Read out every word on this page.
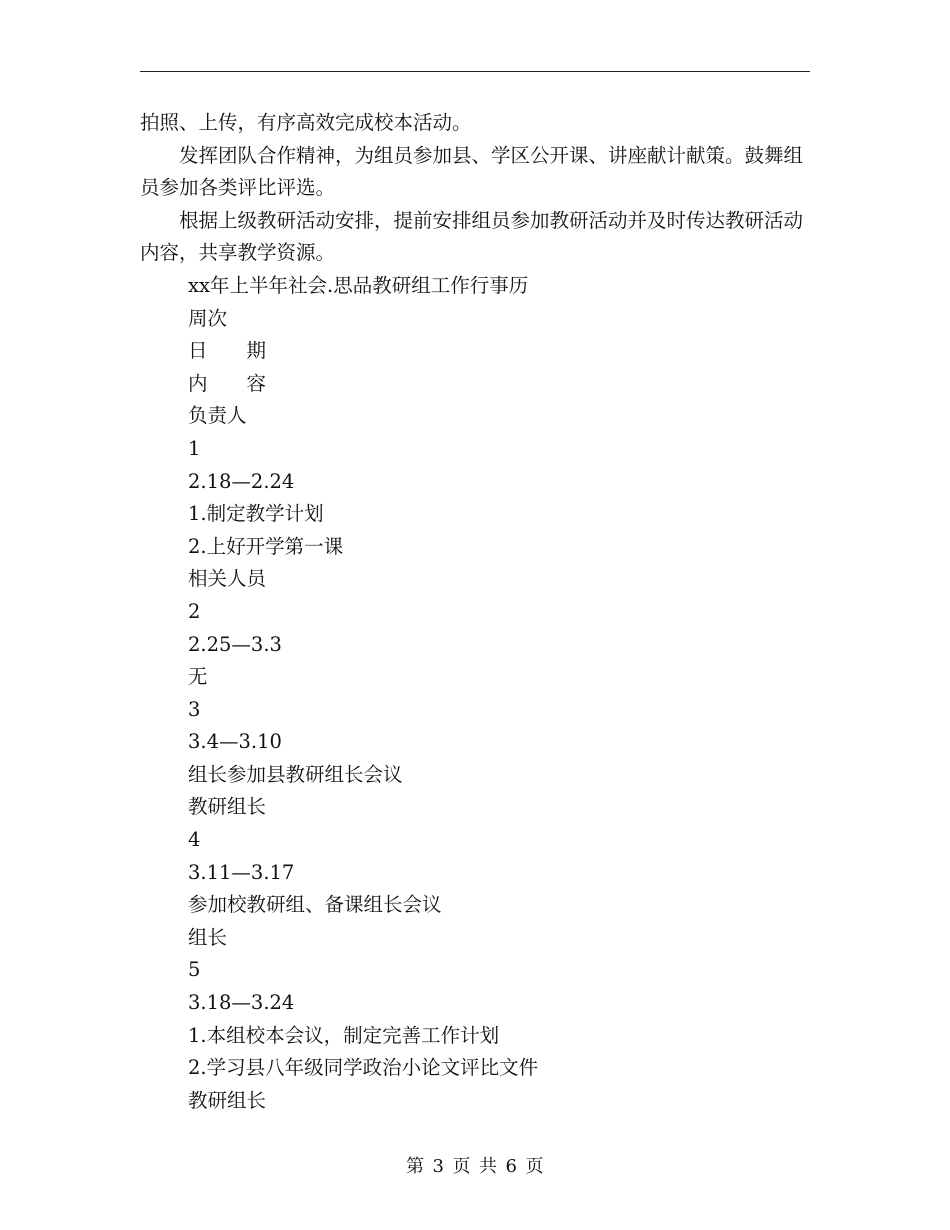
拍照、上传，有序高效完成校本活动。

发挥团队合作精神，为组员参加县、学区公开课、讲座献计献策。鼓舞组员参加各类评比评选。

根据上级教研活动安排，提前安排组员参加教研活动并及时传达教研活动内容，共享教学资源。

xx年上半年社会.思品教研组工作行事历
周次
日　　期
内　　容
负责人
1
2.18—2.24
1.制定教学计划
2.上好开学第一课
相关人员
2
2.25—3.3
无
3
3.4—3.10
组长参加县教研组长会议
教研组长
4
3.11—3.17
参加校教研组、备课组长会议
组长
5
3.18—3.24
1.本组校本会议，制定完善工作计划
2.学习县八年级同学政治小论文评比文件
教研组长
第 3 页 共 6 页
